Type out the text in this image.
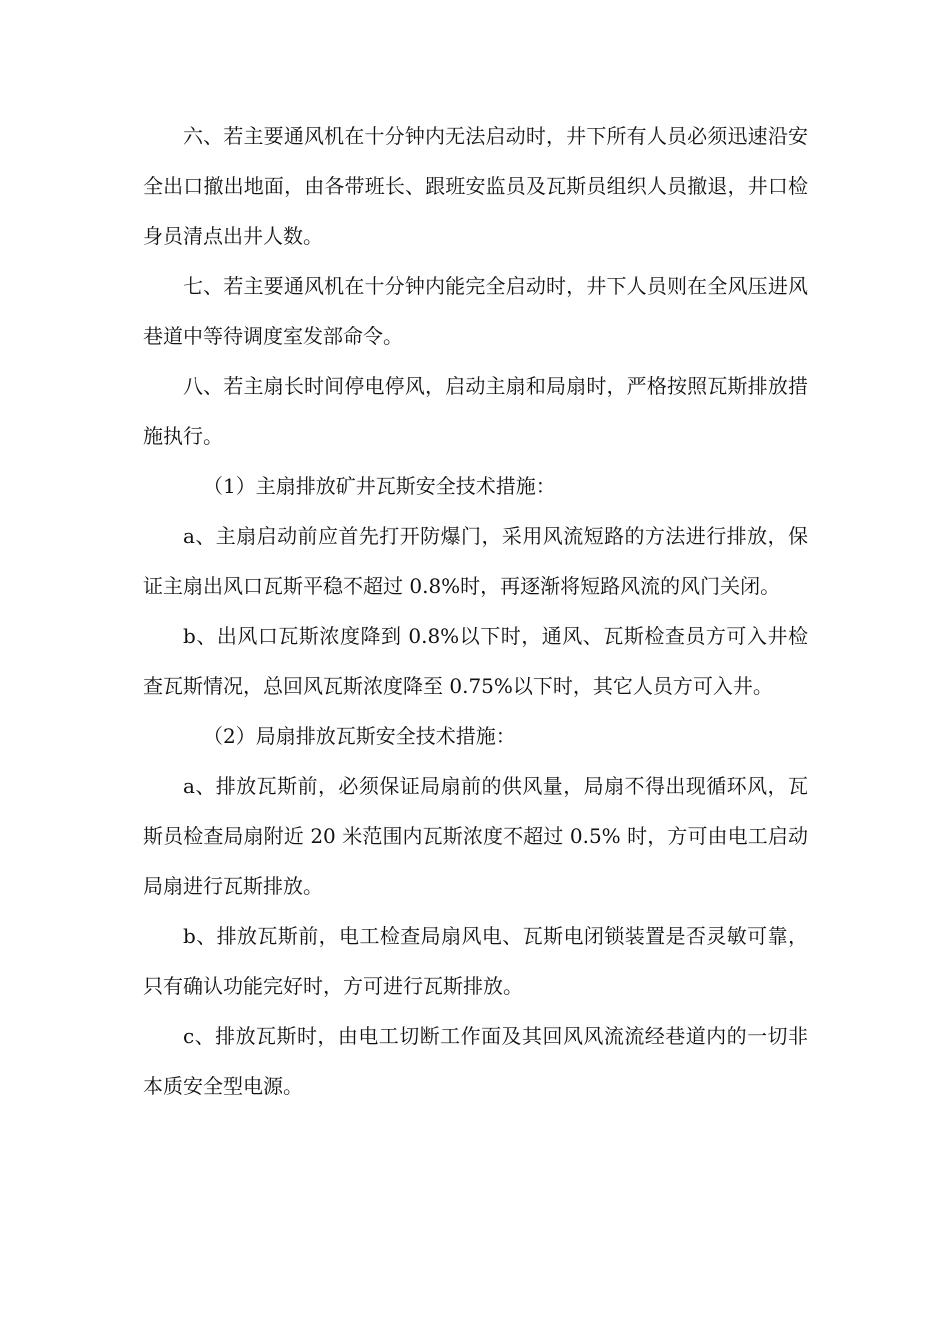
六、若主要通风机在十分钟内无法启动时，井下所有人员必须迅速沿安全出口撤出地面，由各带班长、跟班安监员及瓦斯员组织人员撤退，井口检身员清点出井人数。

七、若主要通风机在十分钟内能完全启动时，井下人员则在全风压进风巷道中等待调度室发部命令。

八、若主扇长时间停电停风，启动主扇和局扇时，严格按照瓦斯排放措施执行。

（1）主扇排放矿井瓦斯安全技术措施：

a、主扇启动前应首先打开防爆门，采用风流短路的方法进行排放，保证主扇出风口瓦斯平稳不超过 0.8%时，再逐渐将短路风流的风门关闭。

b、出风口瓦斯浓度降到 0.8%以下时，通风、瓦斯检查员方可入井检查瓦斯情况，总回风瓦斯浓度降至 0.75%以下时，其它人员方可入井。

（2）局扇排放瓦斯安全技术措施：

a、排放瓦斯前，必须保证局扇前的供风量，局扇不得出现循环风，瓦斯员检查局扇附近 20 米范围内瓦斯浓度不超过 0.5% 时，方可由电工启动局扇进行瓦斯排放。

b、排放瓦斯前，电工检查局扇风电、瓦斯电闭锁装置是否灵敏可靠，只有确认功能完好时，方可进行瓦斯排放。

c、排放瓦斯时，由电工切断工作面及其回风风流流经巷道内的一切非本质安全型电源。
